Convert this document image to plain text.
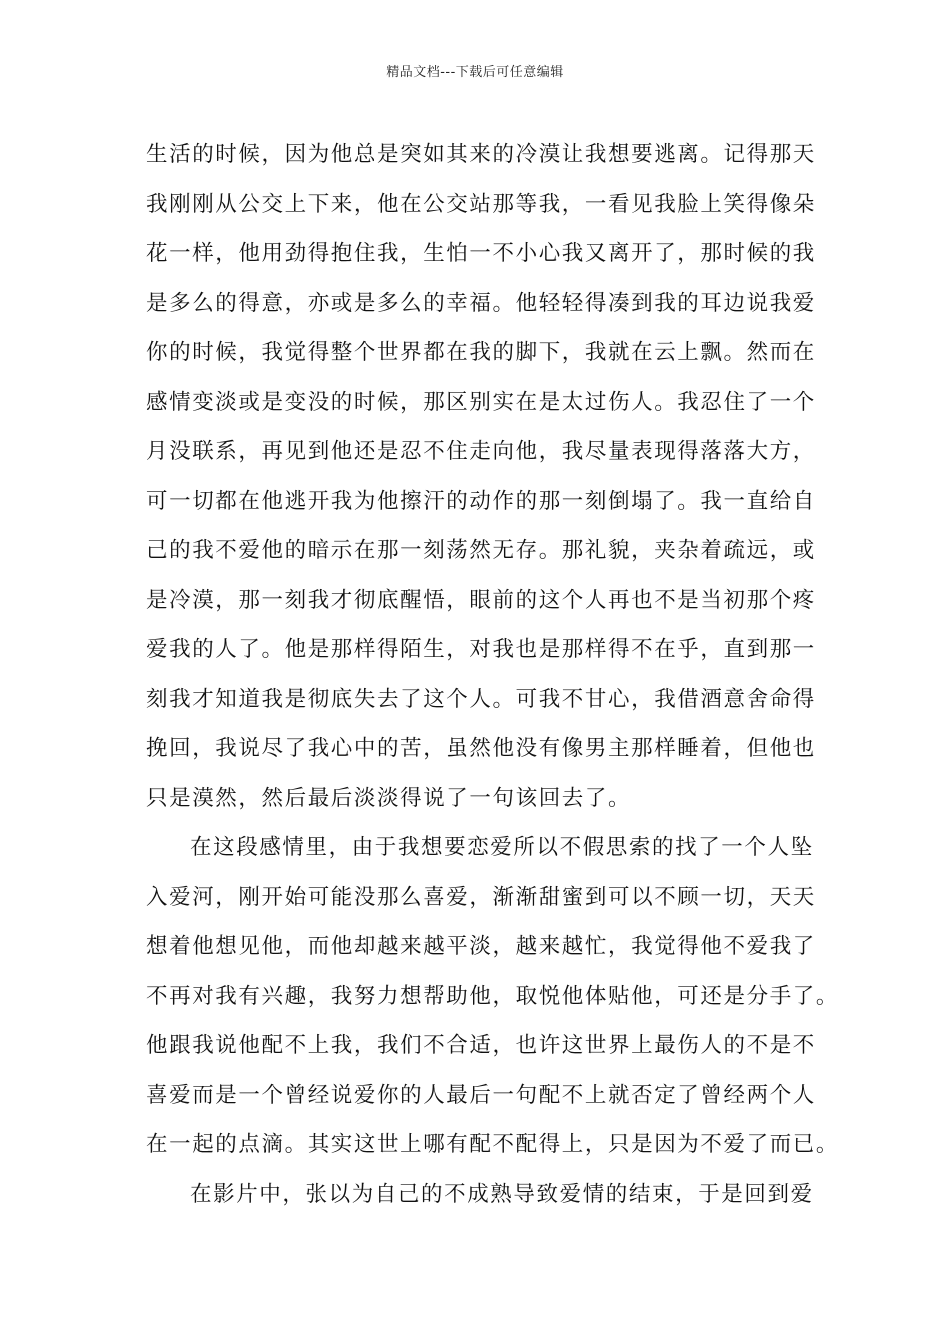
精品文档---下载后可任意编辑
生活的时候，因为他总是突如其来的冷漠让我想要逃离。记得那天
我刚刚从公交上下来，他在公交站那等我，一看见我脸上笑得像朵
花一样，他用劲得抱住我，生怕一不小心我又离开了，那时候的我
是多么的得意，亦或是多么的幸福。他轻轻得凑到我的耳边说我爱
你的时候，我觉得整个世界都在我的脚下，我就在云上飘。然而在
感情变淡或是变没的时候，那区别实在是太过伤人。我忍住了一个
月没联系，再见到他还是忍不住走向他，我尽量表现得落落大方，
可一切都在他逃开我为他擦汗的动作的那一刻倒塌了。我一直给自
己的我不爱他的暗示在那一刻荡然无存。那礼貌，夹杂着疏远，或
是冷漠，那一刻我才彻底醒悟，眼前的这个人再也不是当初那个疼
爱我的人了。他是那样得陌生，对我也是那样得不在乎，直到那一
刻我才知道我是彻底失去了这个人。可我不甘心，我借酒意舍命得
挽回，我说尽了我心中的苦，虽然他没有像男主那样睡着，但他也
只是漠然，然后最后淡淡得说了一句该回去了。
在这段感情里，由于我想要恋爱所以不假思索的找了一个人坠
入爱河，刚开始可能没那么喜爱，渐渐甜蜜到可以不顾一切，天天
想着他想见他，而他却越来越平淡，越来越忙，我觉得他不爱我了
不再对我有兴趣，我努力想帮助他，取悦他体贴他，可还是分手了。
他跟我说他配不上我，我们不合适，也许这世界上最伤人的不是不
喜爱而是一个曾经说爱你的人最后一句配不上就否定了曾经两个人
在一起的点滴。其实这世上哪有配不配得上，只是因为不爱了而已。
在影片中，张以为自己的不成熟导致爱情的结束，于是回到爱
